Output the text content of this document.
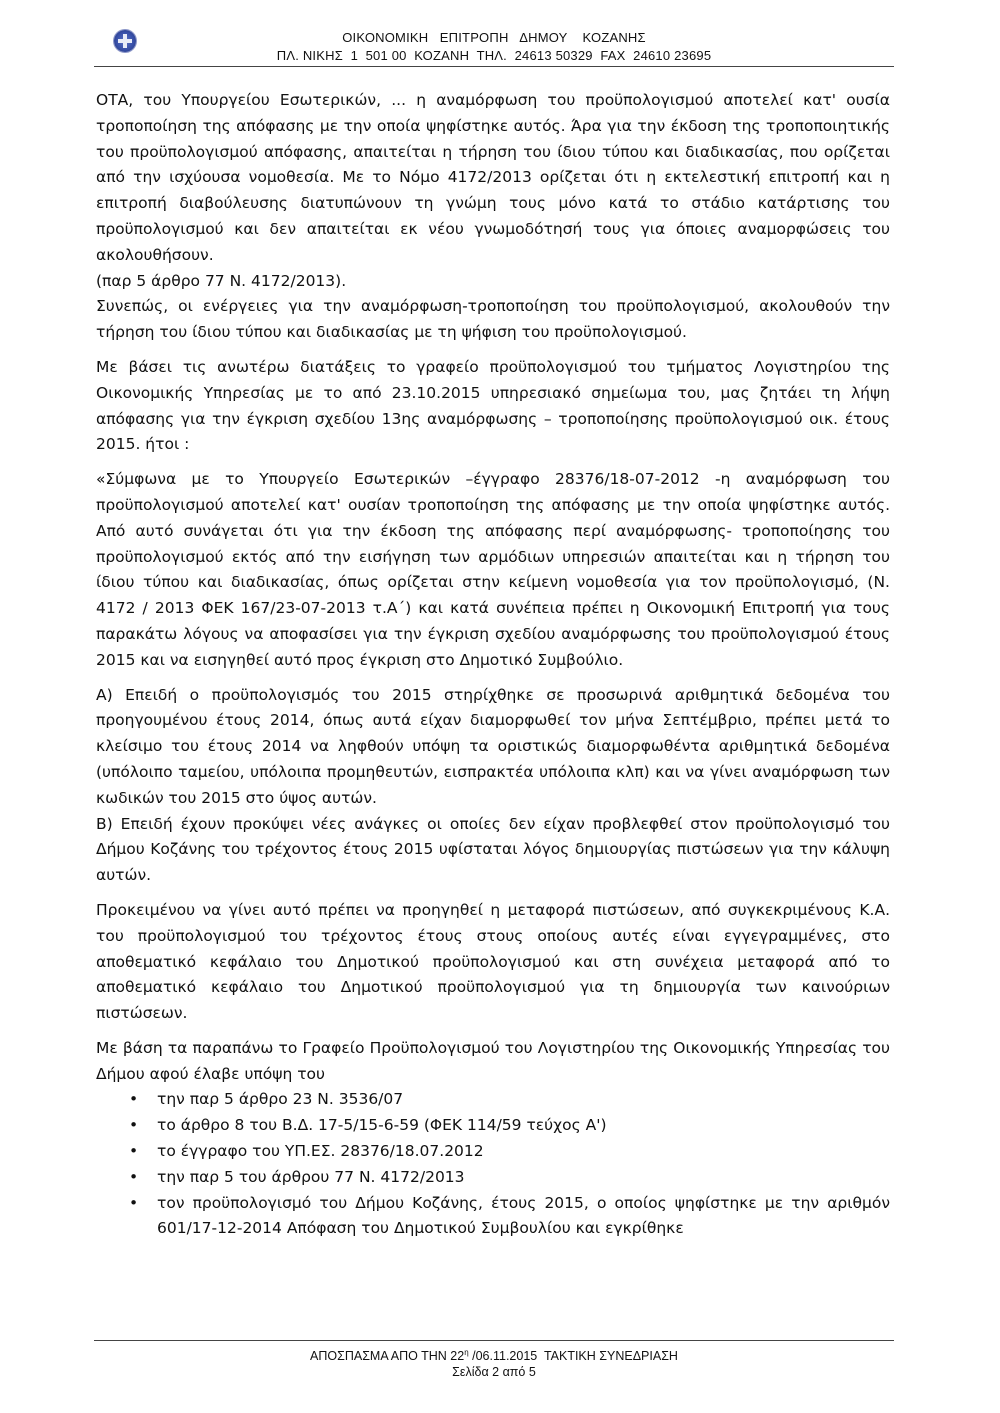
ΟΙΚΟΝΟΜΙΚΗ   ΕΠΙΤΡΟΠΗ   ΔΗΜΟΥ    ΚΟΖΑΝΗΣ
ΠΛ. ΝΙΚΗΣ  1  501 00  ΚΟΖΑΝΗ  ΤΗΛ.  24613 50329  FAX  24610 23695

ΟΤΑ, του Υπουργείου Εσωτερικών, ... η αναμόρφωση του προϋπολογισμού αποτελεί κατ' ουσία τροποποίηση της απόφασης με την οποία ψηφίστηκε αυτός. Άρα για την έκδοση της τροποποιητικής του προϋπολογισμού απόφασης, απαιτείται η τήρηση του ίδιου τύπου και διαδικασίας, που ορίζεται από την ισχύουσα νομοθεσία. Με το Νόμο 4172/2013 ορίζεται ότι η εκτελεστική επιτροπή και η επιτροπή διαβούλευσης διατυπώνουν τη γνώμη τους μόνο κατά το στάδιο κατάρτισης του προϋπολογισμού και δεν απαιτείται εκ νέου γνωμοδότησή τους για όποιες αναμορφώσεις του ακολουθήσουν.

(παρ 5 άρθρο 77 Ν. 4172/2013).

Συνεπώς, οι ενέργειες για την αναμόρφωση-τροποποίηση του προϋπολογισμού, ακολουθούν την τήρηση του ίδιου τύπου και διαδικασίας με τη ψήφιση του προϋπολογισμού.

Με βάσει τις ανωτέρω διατάξεις το γραφείο προϋπολογισμού του τμήματος Λογιστηρίου της Οικονομικής Υπηρεσίας με το από 23.10.2015 υπηρεσιακό σημείωμα του, μας ζητάει τη λήψη απόφασης για την έγκριση σχεδίου 13ης αναμόρφωσης – τροποποίησης προϋπολογισμού οικ. έτους 2015. ήτοι :

«Σύμφωνα με το Υπουργείο Εσωτερικών –έγγραφο 28376/18-07-2012 -η αναμόρφωση του προϋπολογισμού αποτελεί κατ' ουσίαν τροποποίηση της απόφασης με την οποία ψηφίστηκε αυτός. Από αυτό συνάγεται ότι για την έκδοση της απόφασης περί αναμόρφωσης- τροποποίησης του προϋπολογισμού εκτός από την εισήγηση των αρμόδιων υπηρεσιών απαιτείται και η τήρηση του ίδιου τύπου και διαδικασίας, όπως ορίζεται στην κείμενη νομοθεσία για τον προϋπολογισμό, (Ν. 4172 / 2013 ΦΕΚ 167/23-07-2013 τ.Α΄) και κατά συνέπεια πρέπει η Οικονομική Επιτροπή για τους παρακάτω λόγους να αποφασίσει για την έγκριση σχεδίου αναμόρφωσης του προϋπολογισμού έτους 2015 και να εισηγηθεί αυτό προς έγκριση στο Δημοτικό Συμβούλιο.

Α) Επειδή ο προϋπολογισμός του 2015 στηρίχθηκε σε προσωρινά αριθμητικά δεδομένα του προηγουμένου έτους 2014, όπως αυτά είχαν διαμορφωθεί τον μήνα Σεπτέμβριο, πρέπει μετά το κλείσιμο του έτους 2014 να ληφθούν υπόψη τα οριστικώς διαμορφωθέντα αριθμητικά δεδομένα (υπόλοιπο ταμείου, υπόλοιπα προμηθευτών, εισπρακτέα υπόλοιπα κλπ) και να γίνει αναμόρφωση των κωδικών του 2015 στο ύψος αυτών.

Β) Επειδή έχουν προκύψει νέες ανάγκες οι οποίες δεν είχαν προβλεφθεί στον προϋπολογισμό του Δήμου Κοζάνης του τρέχοντος έτους 2015 υφίσταται λόγος δημιουργίας πιστώσεων για την κάλυψη αυτών.

Προκειμένου να γίνει αυτό πρέπει να προηγηθεί η μεταφορά πιστώσεων, από συγκεκριμένους Κ.Α. του προϋπολογισμού του τρέχοντος έτους στους οποίους αυτές είναι εγγεγραμμένες, στο αποθεματικό κεφάλαιο του Δημοτικού προϋπολογισμού και στη συνέχεια μεταφορά από το αποθεματικό κεφάλαιο του Δημοτικού προϋπολογισμού για τη δημιουργία των καινούριων πιστώσεων.

Με βάση τα παραπάνω το Γραφείο Προϋπολογισμού του Λογιστηρίου της Οικονομικής Υπηρεσίας του Δήμου αφού έλαβε υπόψη του

• την παρ 5 άρθρο 23 Ν. 3536/07
• το άρθρο 8 του Β.Δ. 17-5/15-6-59 (ΦΕΚ 114/59 τεύχος Α')
• το έγγραφο του ΥΠ.ΕΣ. 28376/18.07.2012
• την παρ 5 του άρθρου 77 Ν. 4172/2013
• τον προϋπολογισμό του Δήμου Κοζάνης, έτους 2015, ο οποίος ψηφίστηκε με την αριθμόν 601/17-12-2014 Απόφαση του Δημοτικού Συμβουλίου και εγκρίθηκε
ΑΠΟΣΠΑΣΜΑ ΑΠΟ ΤΗΝ $22^\eta$ /06.11.2015  ΤΑΚΤΙΚΗ ΣΥΝΕΔΡΙΑΣΗ
Σελίδα 2 από 5
